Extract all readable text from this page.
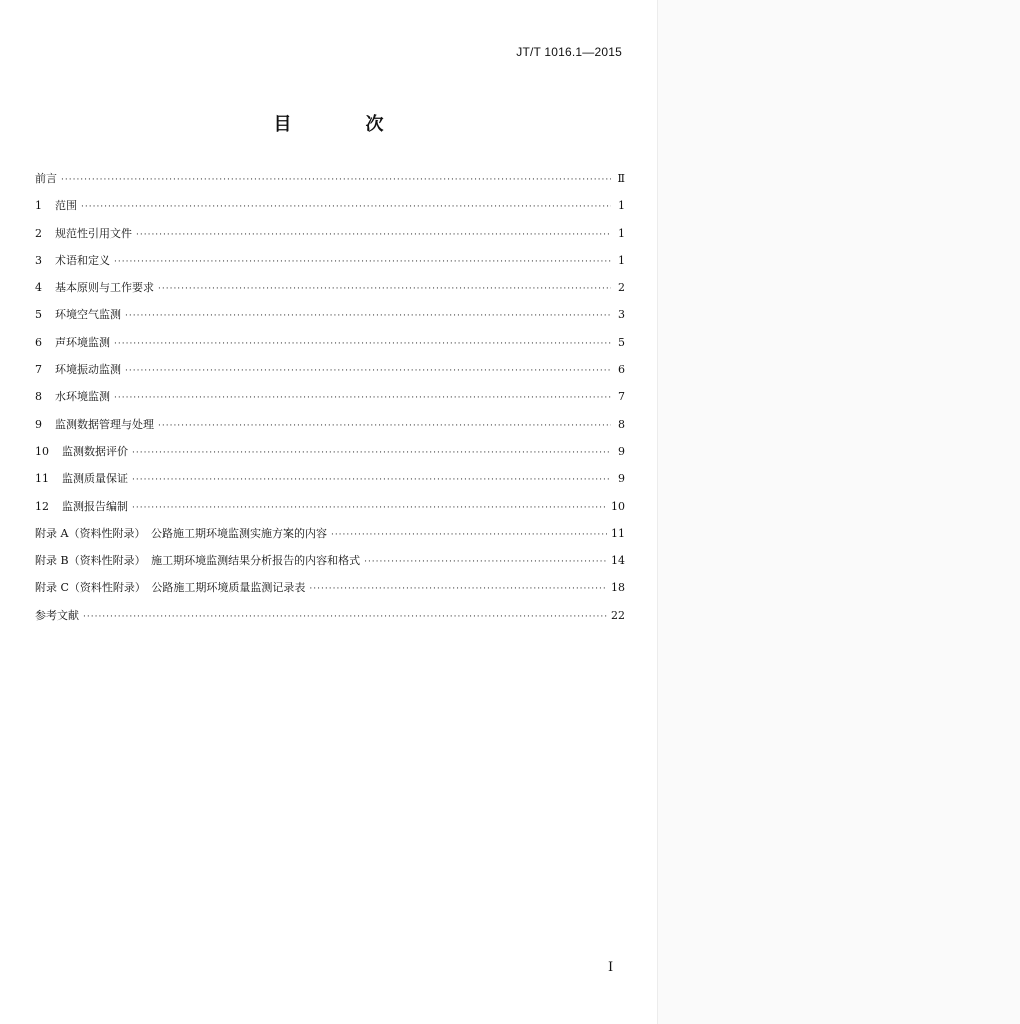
JT/T 1016.1—2015
目　次
前言 ·····	Ⅱ
1	范围 ·····	1
2	规范性引用文件 ·····	1
3	术语和定义 ·····	1
4	基本原则与工作要求 ·····	2
5	环境空气监测 ·····	3
6	声环境监测 ·····	5
7	环境振动监测 ·····	6
8	水环境监测 ·····	7
9	监测数据管理与处理 ·····	8
10	监测数据评价 ·····	9
11	监测质量保证 ·····	9
12	监测报告编制 ·····	10
附录 A（资料性附录）　公路施工期环境监测实施方案的内容 ·····	11
附录 B（资料性附录）　施工期环境监测结果分析报告的内容和格式 ·····	14
附录 C（资料性附录）　公路施工期环境质量监测记录表 ·····	18
参考文献 ·····	22
I
